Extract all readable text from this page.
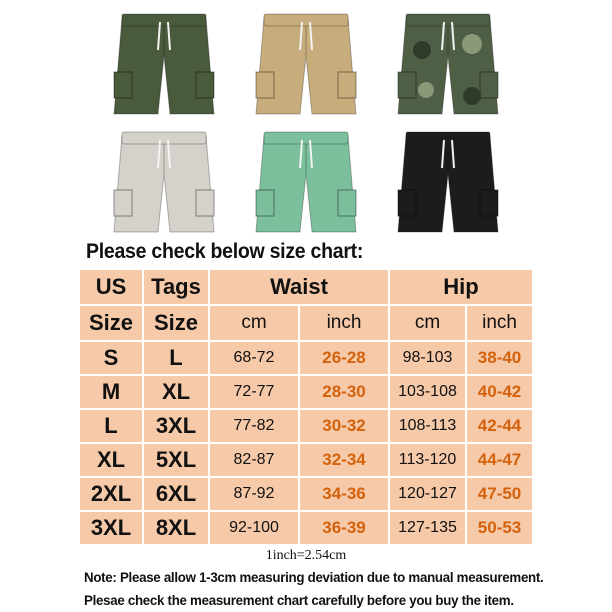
Please check below size chart:
US	Tags	Waist		Hip	
Size	Size	cm	inch	cm	inch
S	L	68-72	26-28	98-103	38-40
M	XL	72-77	28-30	103-108	40-42
L	3XL	77-82	30-32	108-113	42-44
XL	5XL	82-87	32-34	113-120	44-47
2XL	6XL	87-92	34-36	120-127	47-50
3XL	8XL	92-100	36-39	127-135	50-53
1inch=2.54cm
Note: Please allow 1-3cm measuring deviation due to manual measurement.
Plesae check the measurement chart carefully before you buy the item.
